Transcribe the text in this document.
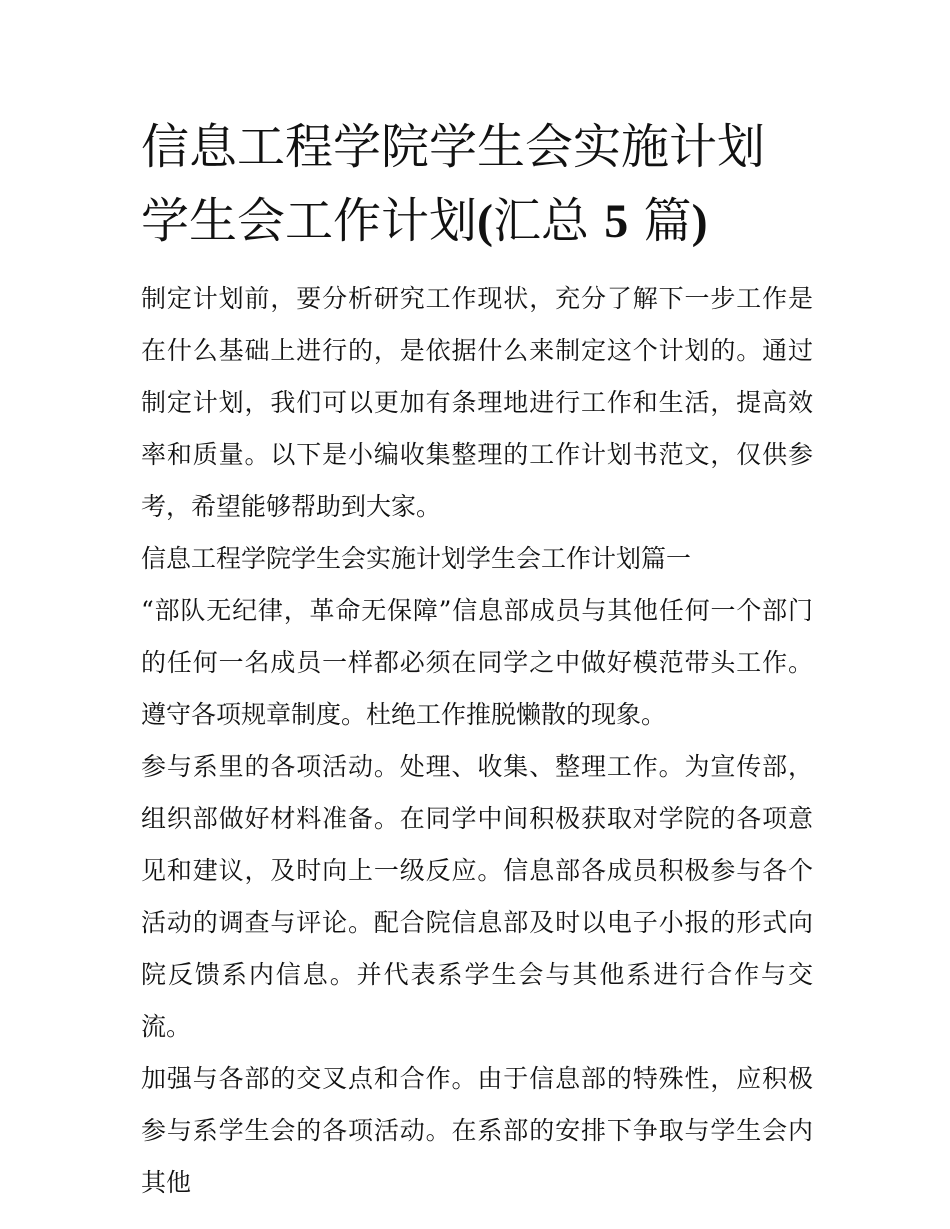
信息工程学院学生会实施计划
学生会工作计划(汇总 5 篇)

制定计划前，要分析研究工作现状，充分了解下一步工作是在什么基础上进行的，是依据什么来制定这个计划的。通过制定计划，我们可以更加有条理地进行工作和生活，提高效率和质量。以下是小编收集整理的工作计划书范文，仅供参考，希望能够帮助到大家。

信息工程学院学生会实施计划学生会工作计划篇一

“部队无纪律，革命无保障”信息部成员与其他任何一个部门的任何一名成员一样都必须在同学之中做好模范带头工作。遵守各项规章制度。杜绝工作推脱懒散的现象。

参与系里的各项活动。处理、收集、整理工作。为宣传部，组织部做好材料准备。在同学中间积极获取对学院的各项意见和建议，及时向上一级反应。信息部各成员积极参与各个活动的调查与评论。配合院信息部及时以电子小报的形式向院反馈系内信息。并代表系学生会与其他系进行合作与交流。

加强与各部的交叉点和合作。由于信息部的特殊性，应积极参与系学生会的各项活动。在系部的安排下争取与学生会内其他
